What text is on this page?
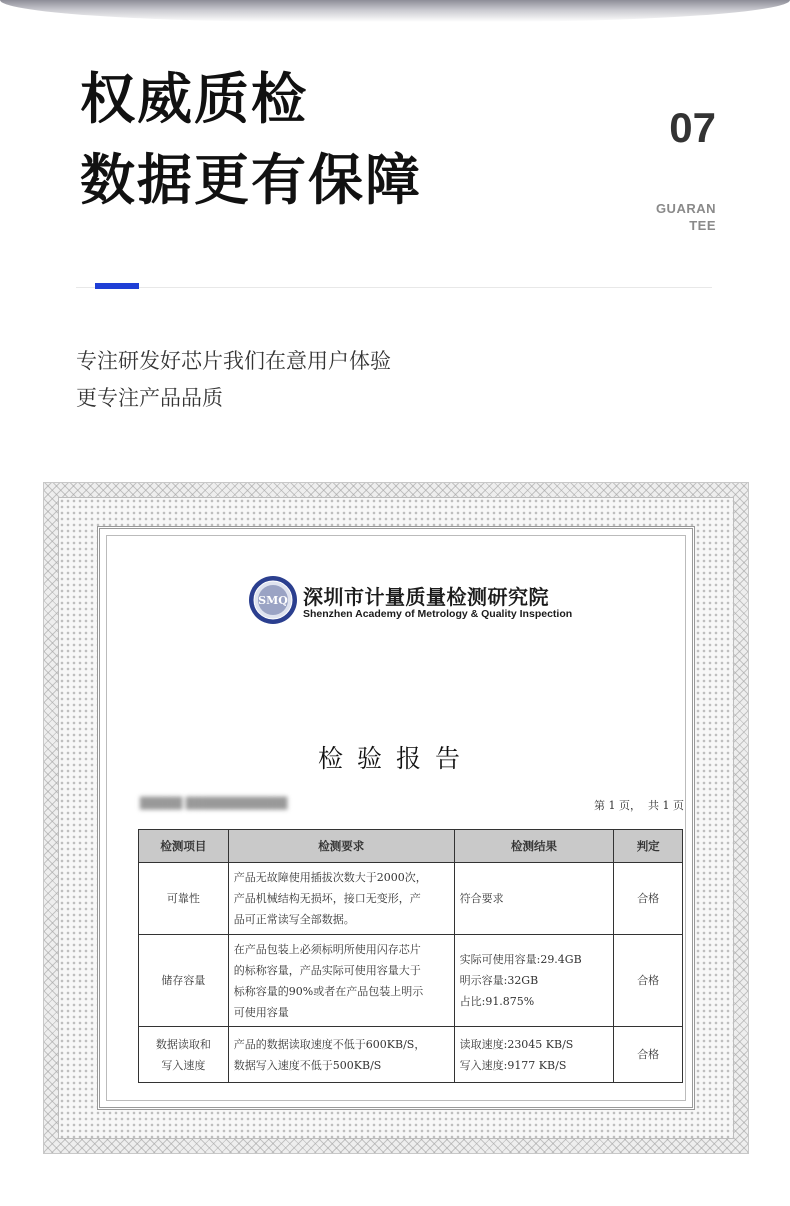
权威质检
数据更有保障
07
GUARAN
TEE
专注研发好芯片我们在意用户体验
更专注产品品质
SMQ 深圳市计量质量检测研究院
Shenzhen Academy of Metrology & Quality Inspection
检验报告
█████ ████████████	第 1 页，  共 1 页
检测项目	检测要求	检测结果	判定
可靠性	产品无故障使用插拔次数大于2000次，
产品机械结构无损坏，接口无变形，产
品可正常读写全部数据。	符合要求	合格
储存容量	在产品包装上必须标明所使用闪存芯片
的标称容量，产品实际可使用容量大于
标称容量的90%或者在产品包装上明示
可使用容量	实际可使用容量:29.4GB
明示容量:32GB
占比:91.875%	合格

数据读取和
写入速度	产品的数据读取速度不低于600KB/S，
数据写入速度不低于500KB/S	读取速度:23045 KB/S
写入速度:9177 KB/S	合格
